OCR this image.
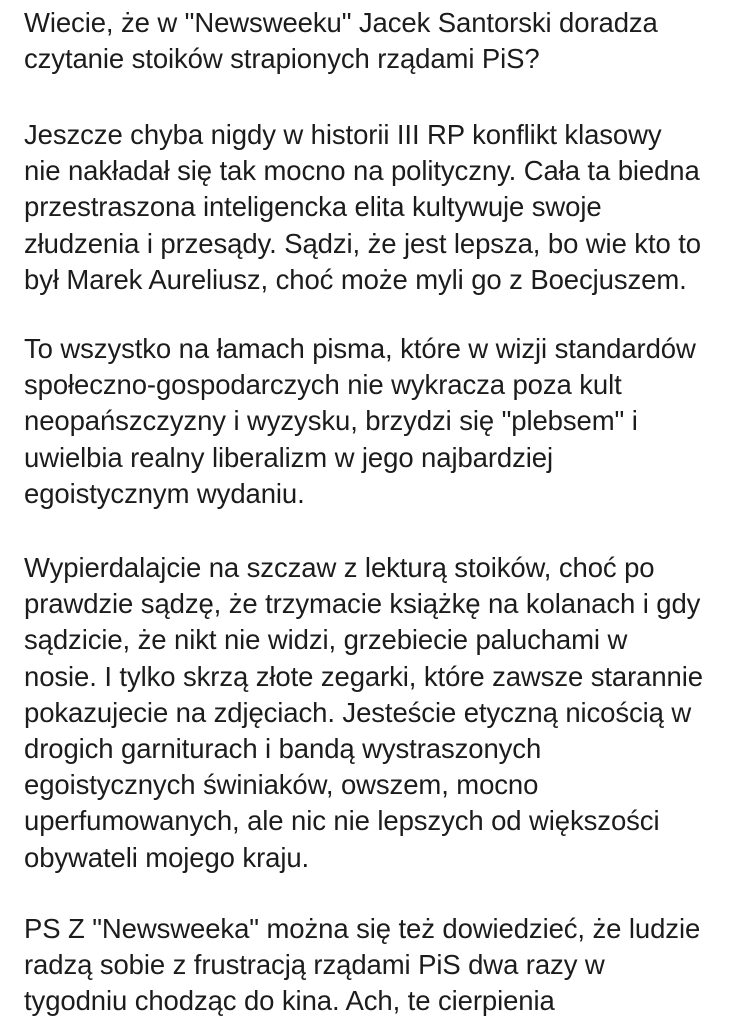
Wiecie, że w "Newsweeku" Jacek Santorski doradza
czytanie stoików strapionych rządami PiS?
Jeszcze chyba nigdy w historii III RP konflikt klasowy
nie nakładał się tak mocno na polityczny. Cała ta biedna
przestraszona inteligencka elita kultywuje swoje
złudzenia i przesądy. Sądzi, że jest lepsza, bo wie kto to
był Marek Aureliusz, choć może myli go z Boecjuszem.
To wszystko na łamach pisma, które w wizji standardów
społeczno-gospodarczych nie wykracza poza kult
neopańszczyzny i wyzysku, brzydzi się "plebsem" i
uwielbia realny liberalizm w jego najbardziej
egoistycznym wydaniu.
Wypierdalajcie na szczaw z lekturą stoików, choć po
prawdzie sądzę, że trzymacie książkę na kolanach i gdy
sądzicie, że nikt nie widzi, grzebiecie paluchami w
nosie. I tylko skrzą złote zegarki, które zawsze starannie
pokazujecie na zdjęciach. Jesteście etyczną nicością w
drogich garniturach i bandą wystraszonych
egoistycznych świniaków, owszem, mocno
uperfumowanych, ale nic nie lepszych od większości
obywateli mojego kraju.
PS Z "Newsweeka" można się też dowiedzieć, że ludzie
radzą sobie z frustracją rządami PiS dwa razy w
tygodniu chodząc do kina. Ach, te cierpienia
